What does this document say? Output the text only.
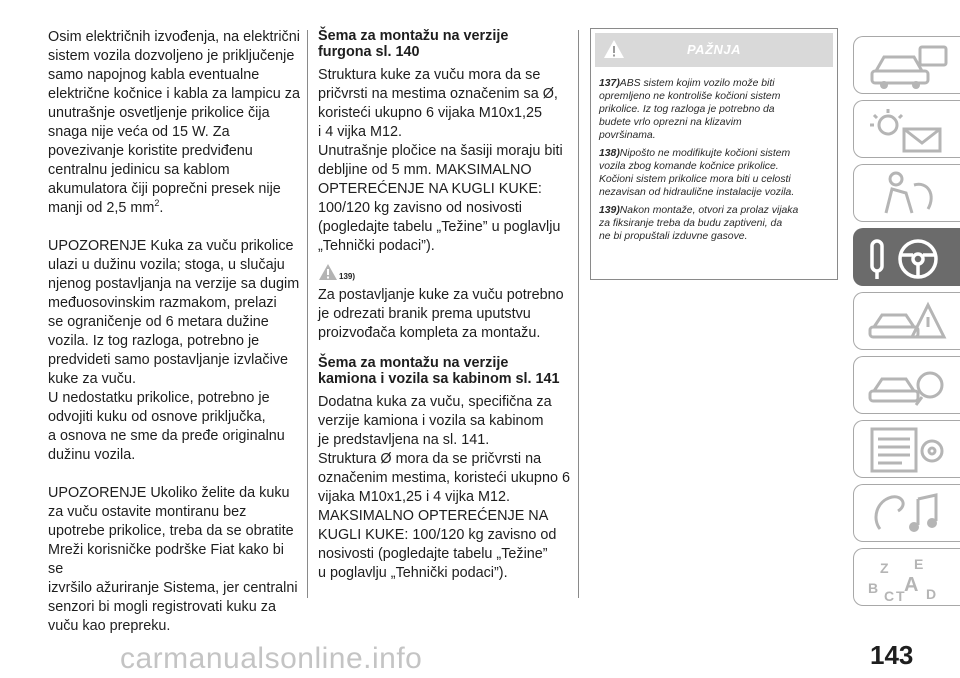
Osim električnih izvođenja, na električni

sistem vozila dozvoljeno je priključenje

samo napojnog kabla eventualne

električne kočnice i kabla za lampicu za

unutrašnje osvetljenje prikolice čija

snaga nije veća od 15 W. Za

povezivanje koristite predviđenu

centralnu jedinicu sa kablom

akumulatora čiji poprečni presek nije

manji od 2,5 $mm^2$.

UPOZORENJE Kuka za vuču prikolice

ulazi u dužinu vozila; stoga, u slučaju

njenog postavljanja na verzije sa dugim

međuosovinskim razmakom, prelazi

se ograničenje od 6 metara dužine

vozila. Iz tog razloga, potrebno je

predvideti samo postavljanje izvlačive

kuke za vuču.

U nedostatku prikolice, potrebno je

odvojiti kuku od osnove priključka,

a osnova ne sme da pređe originalnu

dužinu vozila.

UPOZORENJE Ukoliko želite da kuku

za vuču ostavite montiranu bez

upotrebe prikolice, treba da se obratite

Mreži korisničke podrške Fiat kako bi se

izvršilo ažuriranje Sistema, jer centralni

senzori bi mogli registrovati kuku za

vuču kao prepreku.

Šema za montažu na verzije

furgona sl. 140

Struktura kuke za vuču mora da se

pričvrsti na mestima označenim sa Ø,

koristeći ukupno 6 vijaka M10x1,25

i 4 vijka M12.

Unutrašnje pločice na šasiji moraju biti

debljine od 5 mm. MAKSIMALNO

OPTEREĆENJE NA KUGLI KUKE:

100/120 kg zavisno od nosivosti

(pogledajte tabelu „Težine” u poglavlju

„Tehnički podaci”).

139)

Za postavljanje kuke za vuču potrebno

je odrezati branik prema uputstvu

proizvođača kompleta za montažu.

Šema za montažu na verzije

kamiona i vozila sa kabinom sl. 141

Dodatna kuka za vuču, specifična za

verzije kamiona i vozila sa kabinom

je predstavljena na sl. 141.

Struktura Ø mora da se pričvrsti na

označenim mestima, koristeći ukupno 6

vijaka M10x1,25 i 4 vijka M12.

MAKSIMALNO OPTEREĆENJE NA

KUGLI KUKE: 100/120 kg zavisno od

nosivosti (pogledajte tabelu „Težine”

u poglavlju „Tehnički podaci”).

PAŽNJA
137)ABS sistem kojim vozilo može biti
opremljeno ne kontroliše kočioni sistem
prikolice. Iz tog razloga je potrebno da
budete vrlo oprezni na klizavim
površinama.
138)Nipošto ne modifikujte kočioni sistem
vozila zbog komande kočnice prikolice.
Kočioni sistem prikolice mora biti u celosti
nezavisan od hidraulične instalacije vozila.
139)Nakon montaže, otvori za prolaz vijaka
za fiksiranje treba da budu zaptiveni, da
ne bi propuštali izduvne gasove.
Z E
B A
C T D
143
carmanualsonline.info
